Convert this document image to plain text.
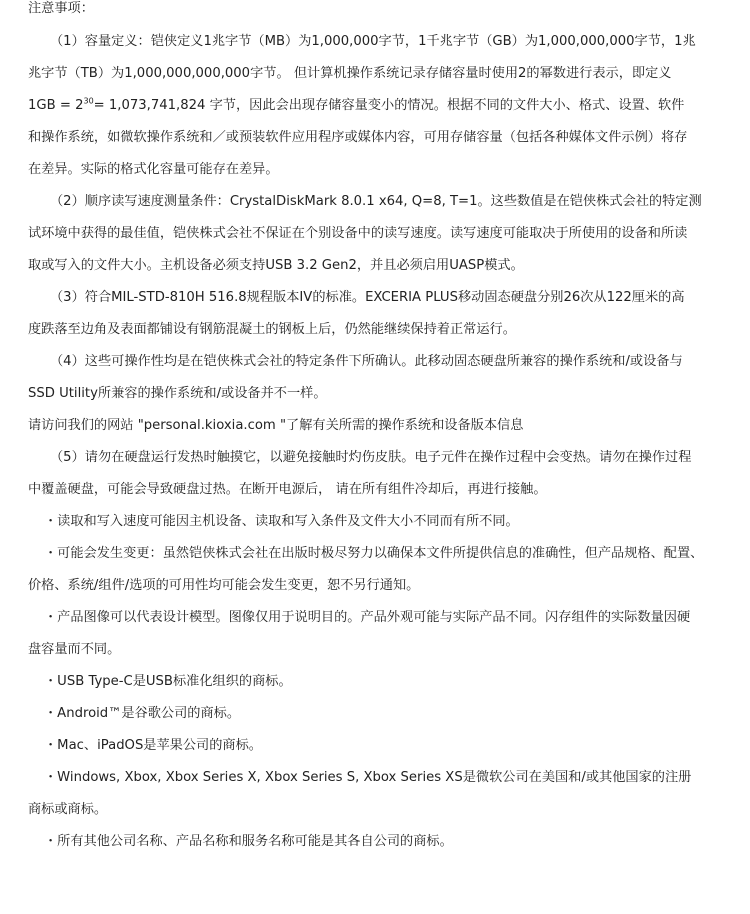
注意事项：
（1）容量定义：铠侠定义1兆字节（MB）为1,000,000字节，1千兆字节（GB）为1,000,000,000字节，1兆
兆字节（TB）为1,000,000,000,000字节。 但计算机操作系统记录存储容量时使用2的幂数进行表示，即定义
$1GB = 2^{30}= 1,073,741,824$ 字节，因此会出现存储容量变小的情况。根据不同的文件大小、格式、设置、软件
和操作系统，如微软操作系统和／或预装软件应用程序或媒体内容，可用存储容量（包括各种媒体文件示例）将存
在差异。实际的格式化容量可能存在差异。
（2）顺序读写速度测量条件：CrystalDiskMark 8.0.1 x64, Q=8, T=1。这些数值是在铠侠株式会社的特定测
试环境中获得的最佳值，铠侠株式会社不保证在个别设备中的读写速度。读写速度可能取决于所使用的设备和所读
取或写入的文件大小。主机设备必须支持USB 3.2 Gen2，并且必须启用UASP模式。
（3）符合MIL-STD-810H 516.8规程版本IV的标准。EXCERIA PLUS移动固态硬盘分别26次从122厘米的高
度跌落至边角及表面都铺设有钢筋混凝土的钢板上后，仍然能继续保持着正常运行。
（4）这些可操作性均是在铠侠株式会社的特定条件下所确认。此移动固态硬盘所兼容的操作系统和/或设备与
SSD Utility所兼容的操作系统和/或设备并不一样。
请访问我们的网站 "personal.kioxia.com "了解有关所需的操作系统和设备版本信息
（5）请勿在硬盘运行发热时触摸它，以避免接触时灼伤皮肤。电子元件在操作过程中会变热。请勿在操作过程
中覆盖硬盘，可能会导致硬盘过热。在断开电源后， 请在所有组件冷却后，再进行接触。
・读取和写入速度可能因主机设备、读取和写入条件及文件大小不同而有所不同。
・可能会发生变更：虽然铠侠株式会社在出版时极尽努力以确保本文件所提供信息的准确性，但产品规格、配置、
价格、系统/组件/选项的可用性均可能会发生变更，恕不另行通知。
・产品图像可以代表设计模型。图像仅用于说明目的。产品外观可能与实际产品不同。闪存组件的实际数量因硬
盘容量而不同。
・USB Type-C是USB标准化组织的商标。
・Android™是谷歌公司的商标。
・Mac、iPadOS是苹果公司的商标。
・Windows, Xbox, Xbox Series X, Xbox Series S, Xbox Series XS是微软公司在美国和/或其他国家的注册
商标或商标。
・所有其他公司名称、产品名称和服务名称可能是其各自公司的商标。
